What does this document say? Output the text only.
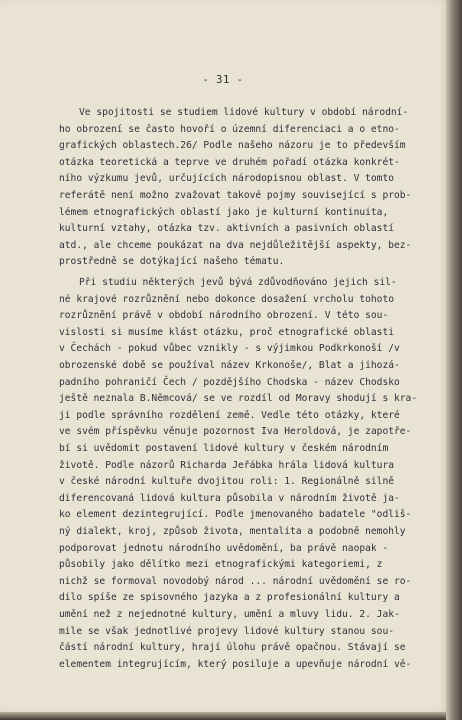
- 31 -
Ve spojitosti se studiem lidové kultury v období národní-
ho obrození se často hovoří o územní diferenciaci a o etno-
grafických oblastech.26/ Podle našeho názoru je to především
otázka teoretická a teprve ve druhém pořadí otázka konkrét-
ního výzkumu jevů, určujících národopisnou oblast. V tomto
referátě není možno zvažovat takové pojmy související s prob-
lémem etnografických oblastí jako je kulturní kontinuita,
kulturní vztahy, otázka tzv. aktivních a pasivních oblastí
atd., ale chceme poukázat na dva nejdůležitější aspekty, bez-
prostředně se dotýkající našeho tématu.
Při studiu některých jevů bývá zdůvodňováno jejich sil-
né krajové rozrůznění nebo dokonce dosažení vrcholu tohoto
rozrůznění právě v období národního obrození. V této sou-
vislosti si musíme klást otázku, proč etnografické oblasti
v Čechách - pokud vůbec vznikly - s výjimkou Podkrkonoší /v
obrozenské době se používal název Krkonoše/, Blat a jihozá-
padního pohraničí Čech / pozdějšího Chodska - název Chodsko
ještě neznala B.Němcová/ se ve rozdíl od Moravy shodují s kra-
ji podle správního rozdělení země. Vedle této otázky, které
ve svém příspěvku věnuje pozornost Iva Heroldová, je zapotře-
bí si uvědomit postavení lidové kultury v českém národním
životě. Podle názorů Richarda Jeřábka hrála lidová kultura
v české národní kultuře dvojitou roli: 1. Regionálně silně
diferencovaná lidová kultura působila v národním životě ja-
ko element dezintegrující. Podle jmenovaného badatele "odliš-
ný dialekt, kroj, způsob života, mentalita a podobně nemohly
podporovat jednotu národního uvědomění, ba právě naopak -
působily jako dělítko mezi etnografickými kategoriemi, z
nichž se formoval novodobý národ ... národní uvědomění se ro-
dilo spíše ze spisovného jazyka a z profesionální kultury a
umění než z nejednotné kultury, umění a mluvy lidu. 2. Jak-
mile se však jednotlivé projevy lidové kultury stanou sou-
částí národní kultury, hrají úlohu právě opačnou. Stávají se
elementem integrujícím, který posiluje a upevňuje národní vě-
